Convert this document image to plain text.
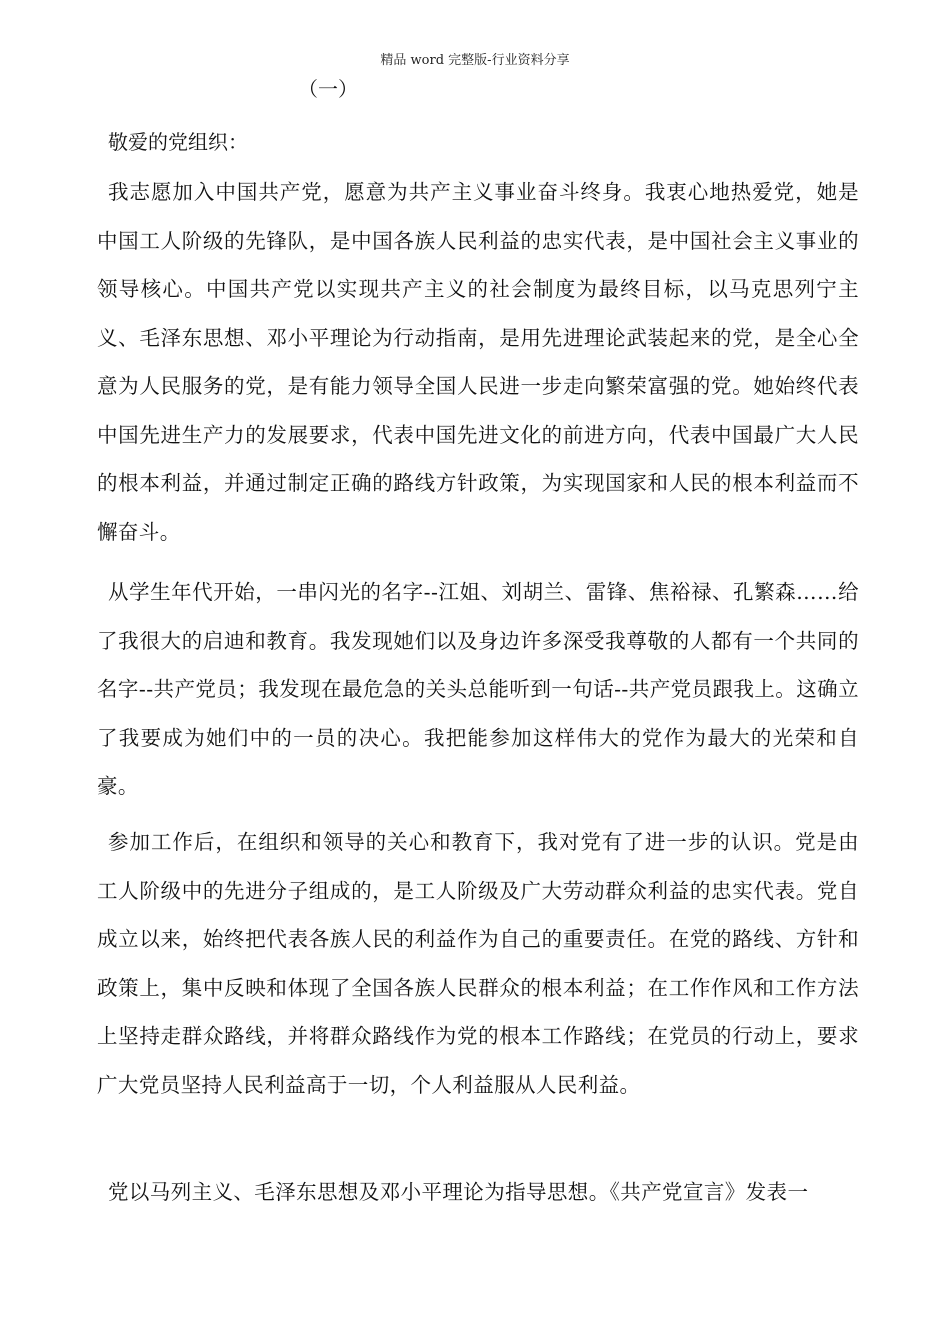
精品 word 完整版-行业资料分享
（一）
敬爱的党组织：

我志愿加入中国共产党，愿意为共产主义事业奋斗终身。我衷心地热爱党，她是中国工人阶级的先锋队，是中国各族人民利益的忠实代表，是中国社会主义事业的领导核心。中国共产党以实现共产主义的社会制度为最终目标，以马克思列宁主义、毛泽东思想、邓小平理论为行动指南，是用先进理论武装起来的党，是全心全意为人民服务的党，是有能力领导全国人民进一步走向繁荣富强的党。她始终代表中国先进生产力的发展要求，代表中国先进文化的前进方向，代表中国最广大人民的根本利益，并通过制定正确的路线方针政策，为实现国家和人民的根本利益而不懈奋斗。

从学生年代开始，一串闪光的名字--江姐、刘胡兰、雷锋、焦裕禄、孔繁森……给了我很大的启迪和教育。我发现她们以及身边许多深受我尊敬的人都有一个共同的名字--共产党员；我发现在最危急的关头总能听到一句话--共产党员跟我上。这确立了我要成为她们中的一员的决心。我把能参加这样伟大的党作为最大的光荣和自豪。

参加工作后，在组织和领导的关心和教育下，我对党有了进一步的认识。党是由工人阶级中的先进分子组成的，是工人阶级及广大劳动群众利益的忠实代表。党自成立以来，始终把代表各族人民的利益作为自己的重要责任。在党的路线、方针和政策上，集中反映和体现了全国各族人民群众的根本利益；在工作作风和工作方法上坚持走群众路线，并将群众路线作为党的根本工作路线；在党员的行动上，要求广大党员坚持人民利益高于一切，个人利益服从人民利益。

党以马列主义、毛泽东思想及邓小平理论为指导思想。《共产党宣言》发表一
